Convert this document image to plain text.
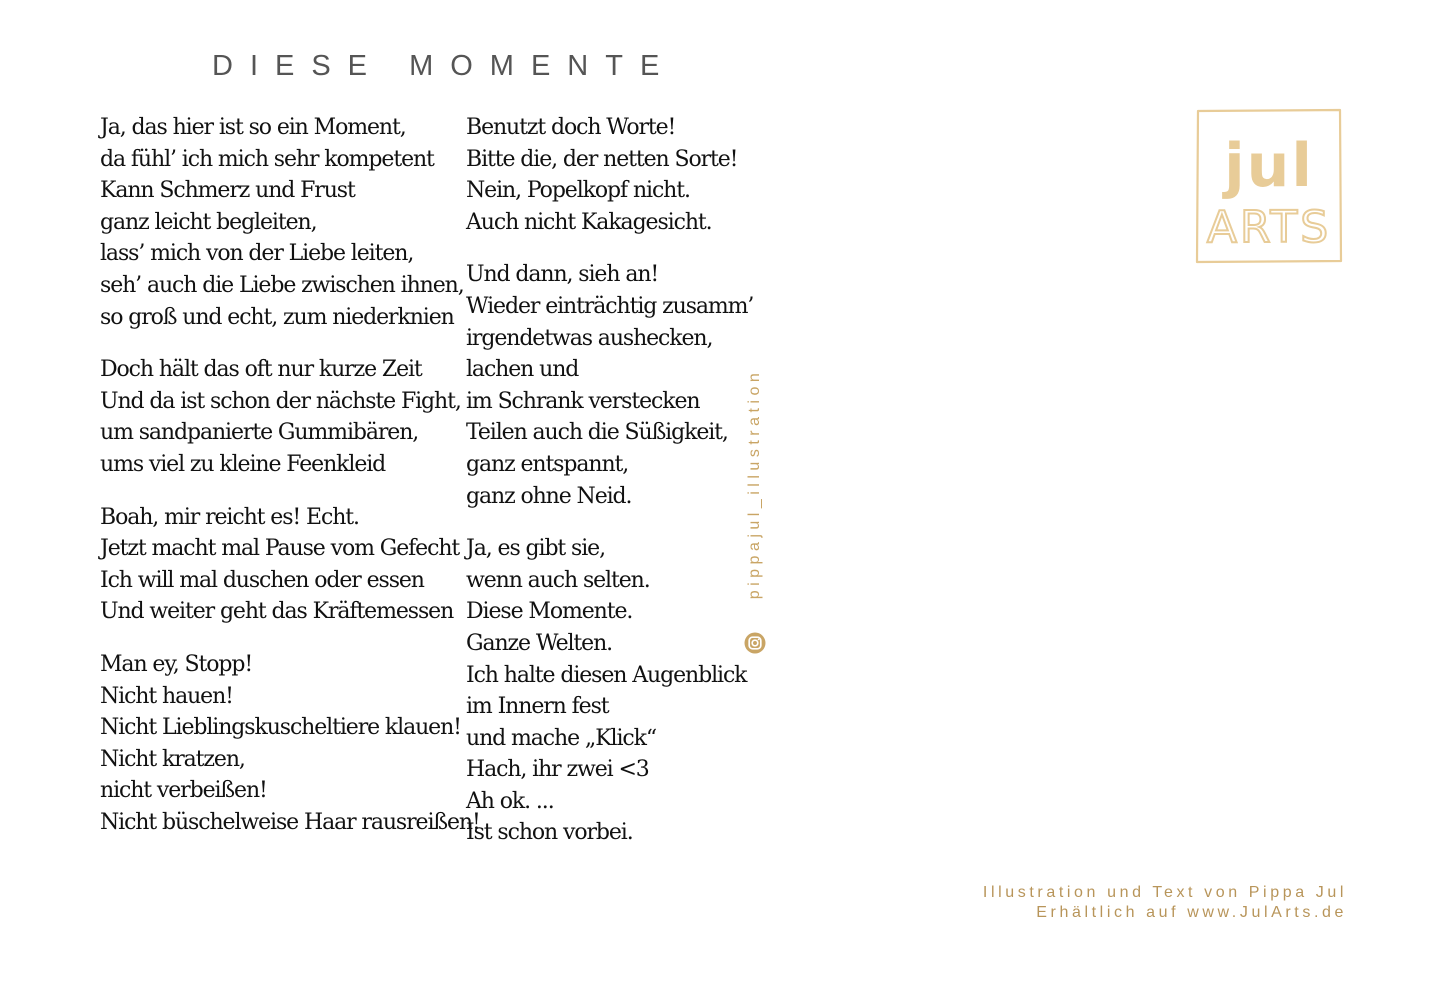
DIESE MOMENTE
Ja, das hier ist so ein Moment,
da fühl’ ich mich sehr kompetent
Kann Schmerz und Frust
ganz leicht begleiten,
lass’ mich von der Liebe leiten,
seh’ auch die Liebe zwischen ihnen,
so groß und echt, zum niederknien
Doch hält das oft nur kurze Zeit
Und da ist schon der nächste Fight,
um sandpanierte Gummibären,
ums viel zu kleine Feenkleid
Boah, mir reicht es! Echt.
Jetzt macht mal Pause vom Gefecht
Ich will mal duschen oder essen
Und weiter geht das Kräftemessen
Man ey, Stopp!
Nicht hauen!
Nicht Lieblingskuscheltiere klauen!
Nicht kratzen,
nicht verbeißen!
Nicht büschelweise Haar rausreißen!
Benutzt doch Worte!
Bitte die, der netten Sorte!
Nein, Popelkopf nicht.
Auch nicht Kakagesicht.
Und dann, sieh an!
Wieder einträchtig zusamm’
irgendetwas aushecken,
lachen und
im Schrank verstecken
Teilen auch die Süßigkeit,
ganz entspannt,
ganz ohne Neid.
Ja, es gibt sie,
wenn auch selten.
Diese Momente.
Ganze Welten.
Ich halte diesen Augenblick
im Innern fest
und mache „Klick“
Hach, ihr zwei <3
Ah ok. ...
Ist schon vorbei.
pippajul_illustration
jul
ARTS
Illustration und Text von Pippa Jul
Erhältlich auf www.JulArts.de
